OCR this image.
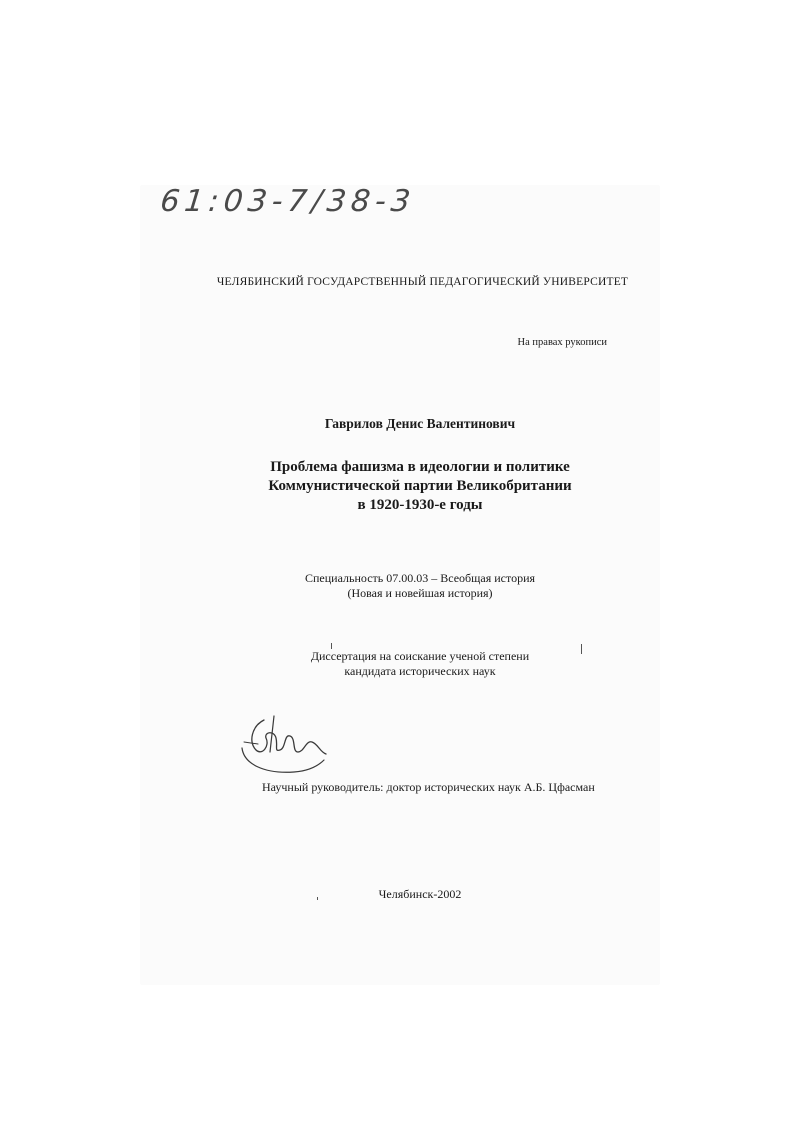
61:03-7/38-3
ЧЕЛЯБИНСКИЙ ГОСУДАРСТВЕННЫЙ ПЕДАГОГИЧЕСКИЙ УНИВЕРСИТЕТ
На правах рукописи
Гаврилов Денис Валентинович
Проблема фашизма в идеологии и политике
Коммунистической партии Великобритании
в 1920-1930-е годы
Специальность 07.00.03 – Всеобщая история
(Новая и новейшая история)
Диссертация на соискание ученой степени
кандидата исторических наук
Научный руководитель: доктор исторических наук А.Б. Цфасман
Челябинск-2002
